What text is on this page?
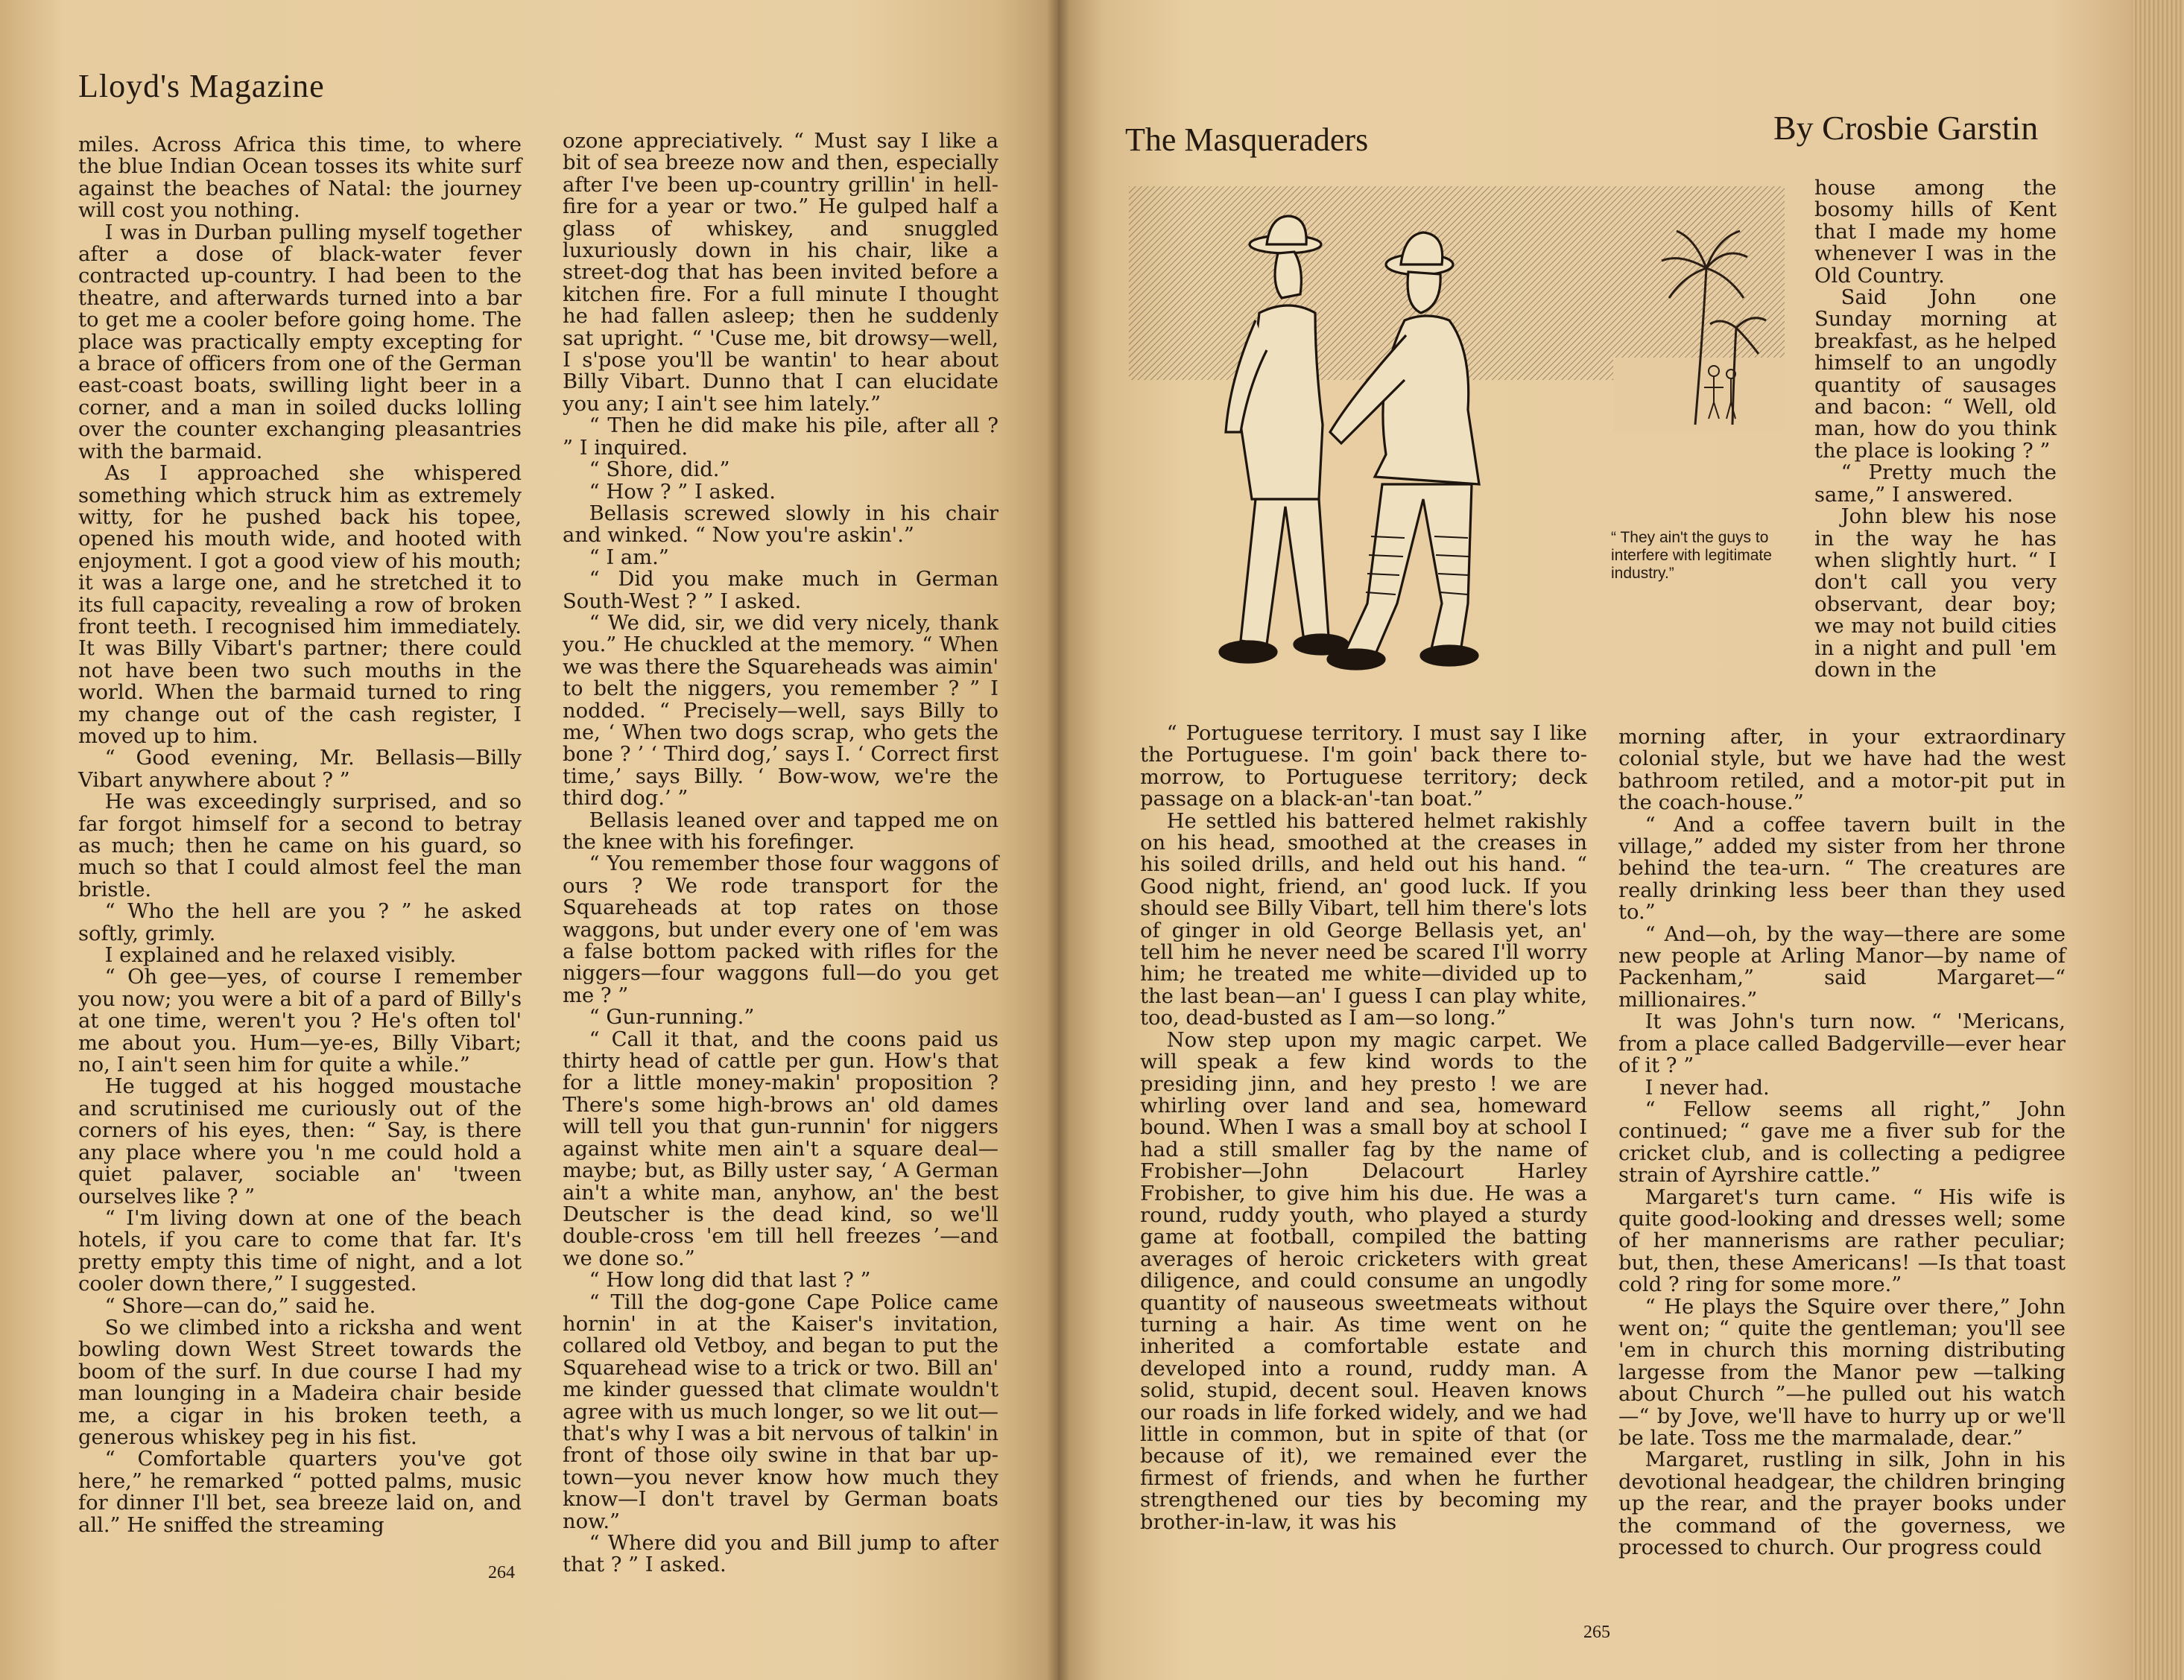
Lloyd's Magazine

miles. Across Africa this time, to where the blue Indian Ocean tosses its white surf against the beaches of Natal: the journey will cost you nothing.

I was in Durban pulling myself together after a dose of black-water fever contracted up-country. I had been to the theatre, and afterwards turned into a bar to get me a cooler before going home. The place was practically empty excepting for a brace of officers from one of the German east-coast boats, swilling light beer in a corner, and a man in soiled ducks lolling over the counter exchanging pleasantries with the barmaid.

As I approached she whispered something which struck him as extremely witty, for he pushed back his topee, opened his mouth wide, and hooted with enjoyment. I got a good view of his mouth; it was a large one, and he stretched it to its full capacity, revealing a row of broken front teeth. I recognised him immediately. It was Billy Vibart's partner; there could not have been two such mouths in the world. When the barmaid turned to ring my change out of the cash register, I moved up to him.

“ Good evening, Mr. Bellasis—Billy Vibart anywhere about ? ”

He was exceedingly surprised, and so far forgot himself for a second to betray as much; then he came on his guard, so much so that I could almost feel the man bristle.

“ Who the hell are you ? ” he asked softly, grimly.

I explained and he relaxed visibly.

“ Oh gee—yes, of course I remember you now; you were a bit of a pard of Billy's at one time, weren't you ? He's often tol' me about you. Hum—ye-es, Billy Vibart; no, I ain't seen him for quite a while.”

He tugged at his hogged moustache and scrutinised me curiously out of the corners of his eyes, then: “ Say, is there any place where you 'n me could hold a quiet palaver, sociable an' 'tween ourselves like ? ”

“ I'm living down at one of the beach hotels, if you care to come that far. It's pretty empty this time of night, and a lot cooler down there,” I suggested.

“ Shore—can do,” said he.

So we climbed into a ricksha and went bowling down West Street towards the boom of the surf. In due course I had my man lounging in a Madeira chair beside me, a cigar in his broken teeth, a generous whiskey peg in his fist.

“ Comfortable quarters you've got here,” he remarked “ potted palms, music for dinner I'll bet, sea breeze laid on, and all.” He sniffed the streaming

ozone appreciatively. “ Must say I like a bit of sea breeze now and then, especially after I've been up-country grillin' in hell-fire for a year or two.” He gulped half a glass of whiskey, and snuggled luxuriously down in his chair, like a street-dog that has been invited before a kitchen fire. For a full minute I thought he had fallen asleep; then he suddenly sat upright. “ 'Cuse me, bit drowsy—well, I s'pose you'll be wantin' to hear about Billy Vibart. Dunno that I can elucidate you any; I ain't see him lately.”

“ Then he did make his pile, after all ? ” I inquired.

“ Shore, did.”

“ How ? ” I asked.

Bellasis screwed slowly in his chair and winked. “ Now you're askin'.”

“ I am.”

“ Did you make much in German South-West ? ” I asked.

“ We did, sir, we did very nicely, thank you.” He chuckled at the memory. “ When we was there the Squareheads was aimin' to belt the niggers, you remember ? ” I nodded. “ Precisely—well, says Billy to me, ‘ When two dogs scrap, who gets the bone ? ’ ‘ Third dog,’ says I. ‘ Correct first time,’ says Billy. ‘ Bow-wow, we're the third dog.’ ”

Bellasis leaned over and tapped me on the knee with his forefinger.

“ You remember those four waggons of ours ? We rode transport for the Squareheads at top rates on those waggons, but under every one of 'em was a false bottom packed with rifles for the niggers—four waggons full—do you get me ? ”

“ Gun-running.”

“ Call it that, and the coons paid us thirty head of cattle per gun. How's that for a little money-makin' proposition ? There's some high-brows an' old dames will tell you that gun-runnin' for niggers against white men ain't a square deal—maybe; but, as Billy uster say, ‘ A German ain't a white man, anyhow, an' the best Deutscher is the dead kind, so we'll double-cross 'em till hell freezes ’—and we done so.”

“ How long did that last ? ”

“ Till the dog-gone Cape Police came hornin' in at the Kaiser's invitation, collared old Vetboy, and began to put the Squarehead wise to a trick or two. Bill an' me kinder guessed that climate wouldn't agree with us much longer, so we lit out—that's why I was a bit nervous of talkin' in front of those oily swine in that bar up-town—you never know how much they know—I don't travel by German boats now.”

“ Where did you and Bill jump to after that ? ” I asked.

264
The Masqueraders	By Crosbie Garstin
“ They ain't the guys to interfere with legitimate industry.”

house among the bosomy hills of Kent that I made my home whenever I was in the Old Country.

Said John one Sunday morning at breakfast, as he helped himself to an ungodly quantity of sausages and bacon: “ Well, old man, how do you think the place is looking ? ”

“ Pretty much the same,” I answered.

John blew his nose in the way he has when slightly hurt. “ I don't call you very observant, dear boy; we may not build cities in a night and pull 'em down in the

“ Portuguese territory. I must say I like the Portuguese. I'm goin' back there to-morrow, to Portuguese territory; deck passage on a black-an'-tan boat.”

He settled his battered helmet rakishly on his head, smoothed at the creases in his soiled drills, and held out his hand. “ Good night, friend, an' good luck. If you should see Billy Vibart, tell him there's lots of ginger in old George Bellasis yet, an' tell him he never need be scared I'll worry him; he treated me white—divided up to the last bean—an' I guess I can play white, too, dead-busted as I am—so long.”

Now step upon my magic carpet. We will speak a few kind words to the presiding jinn, and hey presto ! we are whirling over land and sea, homeward bound. When I was a small boy at school I had a still smaller fag by the name of Frobisher—John Delacourt Harley Frobisher, to give him his due. He was a round, ruddy youth, who played a sturdy game at football, compiled the batting averages of heroic cricketers with great diligence, and could consume an ungodly quantity of nauseous sweetmeats without turning a hair. As time went on he inherited a comfortable estate and developed into a round, ruddy man. A solid, stupid, decent soul. Heaven knows our roads in life forked widely, and we had little in common, but in spite of that (or because of it), we remained ever the firmest of friends, and when he further strengthened our ties by becoming my brother-in-law, it was his

morning after, in your extraordinary colonial style, but we have had the west bathroom retiled, and a motor-pit put in the coach-house.”

“ And a coffee tavern built in the village,” added my sister from her throne behind the tea-urn. “ The creatures are really drinking less beer than they used to.”

“ And—oh, by the way—there are some new people at Arling Manor—by name of Packenham,” said Margaret—“ millionaires.”

It was John's turn now. “ 'Mericans, from a place called Badgerville—ever hear of it ? ”

I never had.

“ Fellow seems all right,” John continued; “ gave me a fiver sub for the cricket club, and is collecting a pedigree strain of Ayrshire cattle.”

Margaret's turn came. “ His wife is quite good-looking and dresses well; some of her mannerisms are rather peculiar; but, then, these Americans! —Is that toast cold ? ring for some more.”

“ He plays the Squire over there,” John went on; “ quite the gentleman; you'll see 'em in church this morning distributing largesse from the Manor pew —talking about Church ”—he pulled out his watch—“ by Jove, we'll have to hurry up or we'll be late. Toss me the marmalade, dear.”

Margaret, rustling in silk, John in his devotional headgear, the children bringing up the rear, and the prayer books under the command of the governess, we processed to church. Our progress could

265
